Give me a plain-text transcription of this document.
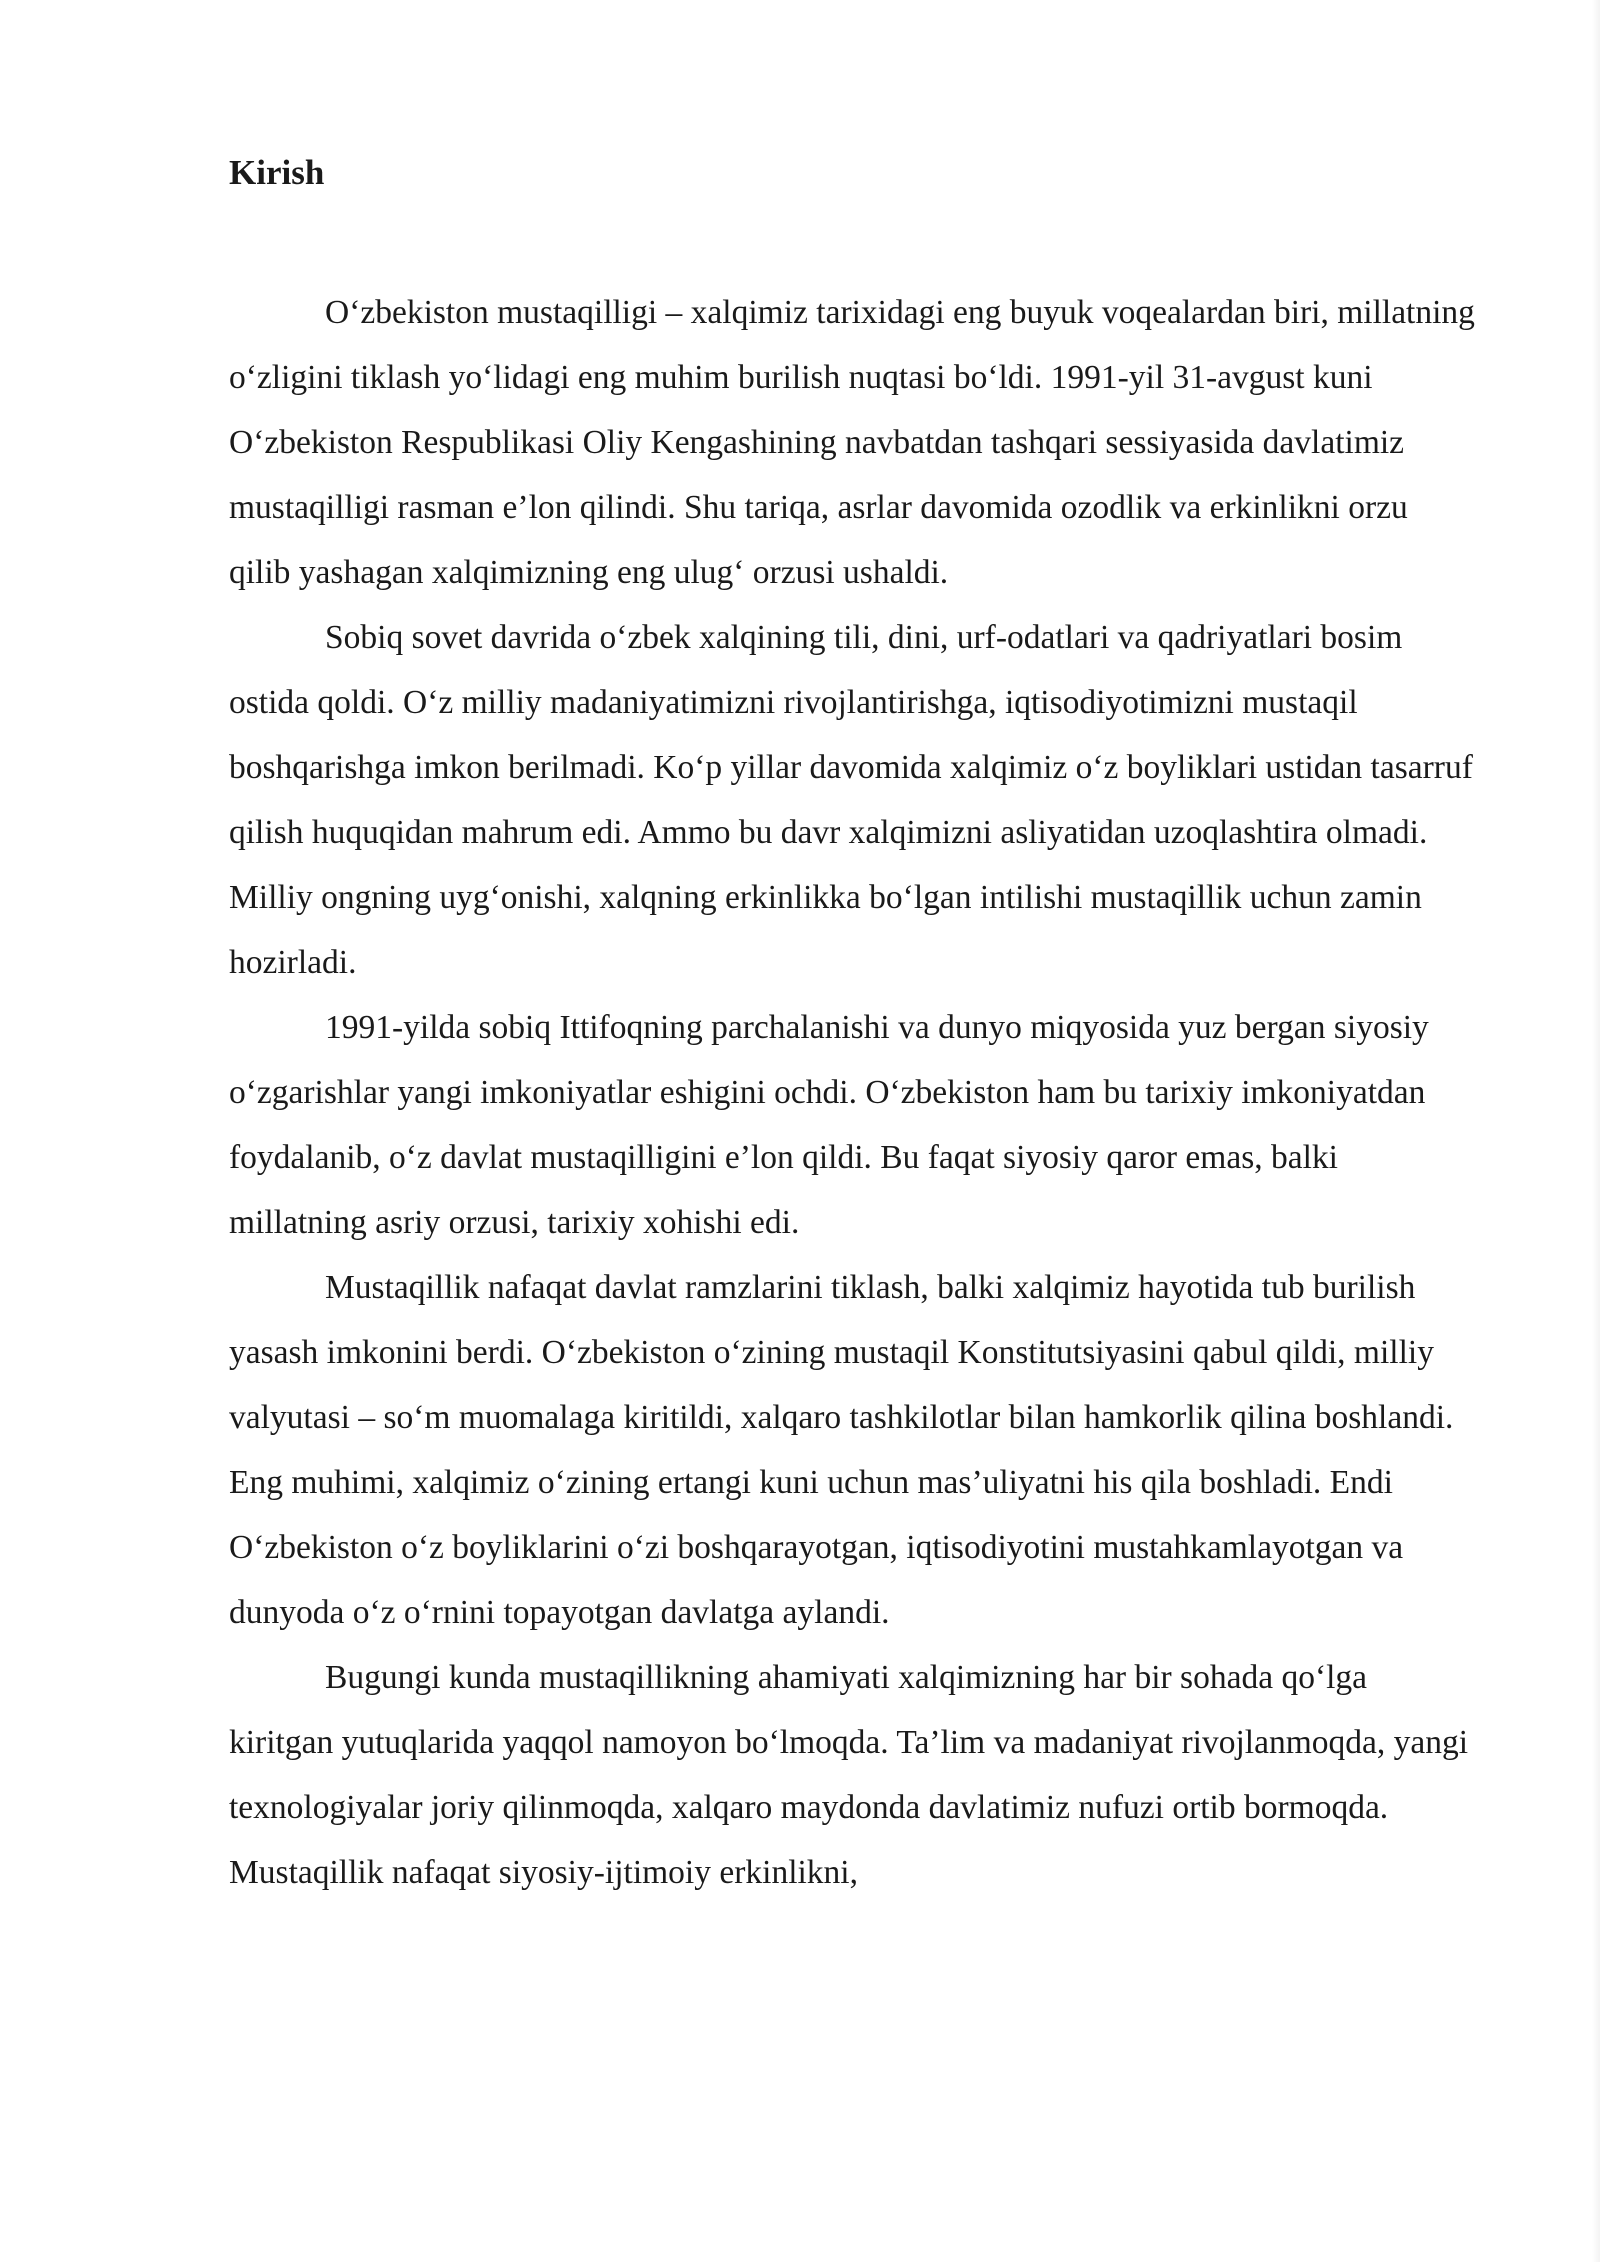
Kirish

O‘zbekiston mustaqilligi – xalqimiz tarixidagi eng buyuk voqealardan biri, millatning o‘zligini tiklash yo‘lidagi eng muhim burilish nuqtasi bo‘ldi. 1991-yil 31-avgust kuni O‘zbekiston Respublikasi Oliy Kengashining navbatdan tashqari sessiyasida davlatimiz mustaqilligi rasman e’lon qilindi. Shu tariqa, asrlar davomida ozodlik va erkinlikni orzu qilib yashagan xalqimizning eng ulug‘ orzusi ushaldi.

Sobiq sovet davrida o‘zbek xalqining tili, dini, urf-odatlari va qadriyatlari bosim ostida qoldi. O‘z milliy madaniyatimizni rivojlantirishga, iqtisodiyotimizni mustaqil boshqarishga imkon berilmadi. Ko‘p yillar davomida xalqimiz o‘z boyliklari ustidan tasarruf qilish huquqidan mahrum edi. Ammo bu davr xalqimizni asliyatidan uzoqlashtira olmadi. Milliy ongning uyg‘onishi, xalqning erkinlikka bo‘lgan intilishi mustaqillik uchun zamin hozirladi.

1991-yilda sobiq Ittifoqning parchalanishi va dunyo miqyosida yuz bergan siyosiy o‘zgarishlar yangi imkoniyatlar eshigini ochdi. O‘zbekiston ham bu tarixiy imkoniyatdan foydalanib, o‘z davlat mustaqilligini e’lon qildi. Bu faqat siyosiy qaror emas, balki millatning asriy orzusi, tarixiy xohishi edi.

Mustaqillik nafaqat davlat ramzlarini tiklash, balki xalqimiz hayotida tub burilish yasash imkonini berdi. O‘zbekiston o‘zining mustaqil Konstitutsiyasini qabul qildi, milliy valyutasi – so‘m muomalaga kiritildi, xalqaro tashkilotlar bilan hamkorlik qilina boshlandi. Eng muhimi, xalqimiz o‘zining ertangi kuni uchun mas’uliyatni his qila boshladi. Endi O‘zbekiston o‘z boyliklarini o‘zi boshqarayotgan, iqtisodiyotini mustahkamlayotgan va dunyoda o‘z o‘rnini topayotgan davlatga aylandi.

Bugungi kunda mustaqillikning ahamiyati xalqimizning har bir sohada qo‘lga kiritgan yutuqlarida yaqqol namoyon bo‘lmoqda. Ta’lim va madaniyat rivojlanmoqda, yangi texnologiyalar joriy qilinmoqda, xalqaro maydonda davlatimiz nufuzi ortib bormoqda. Mustaqillik nafaqat siyosiy-ijtimoiy erkinlikni,
